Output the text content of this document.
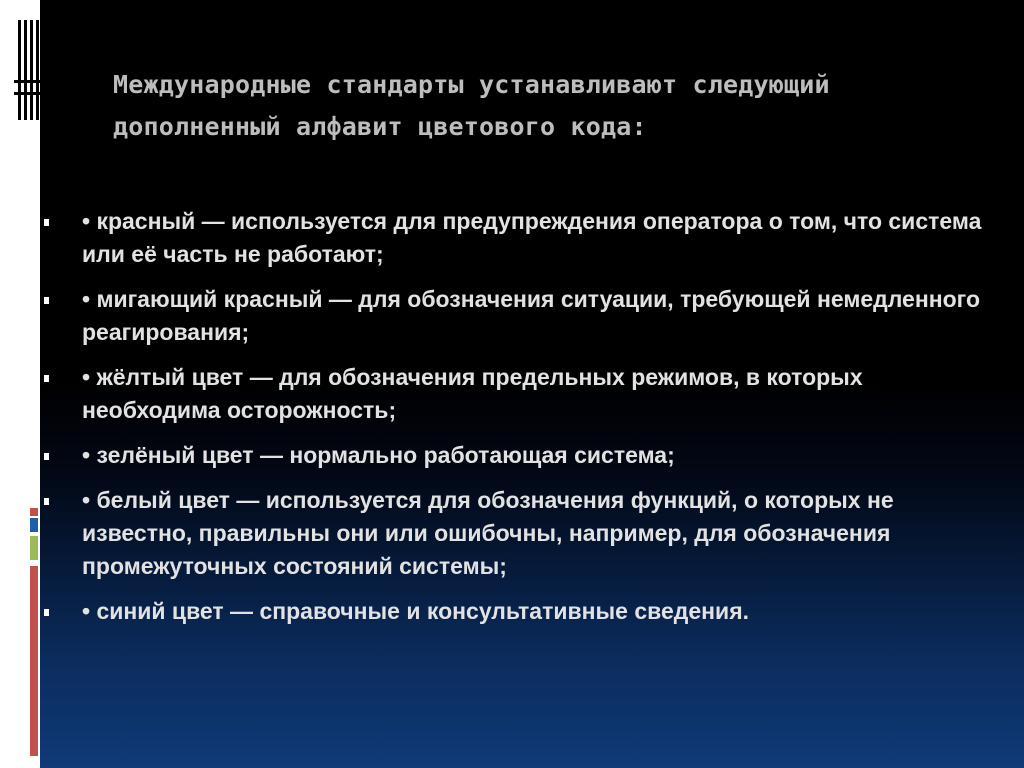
Международные стандарты устанавливают следующий дополненный алфавит цветового кода:
• красный — используется для предупреждения оператора о том, что система или её часть не работают;
• мигающий красный — для обозначения ситуации, требующей немедленного реагирования;
• жёлтый цвет — для обозначения предельных режимов, в которых необходима осторожность;
• зелёный цвет — нормально работающая система;
• белый цвет — используется для обозначения функций, о которых не известно, правильны они или ошибочны, например, для обозначения промежуточных состояний системы;
• синий цвет — справочные и консультативные сведения.
